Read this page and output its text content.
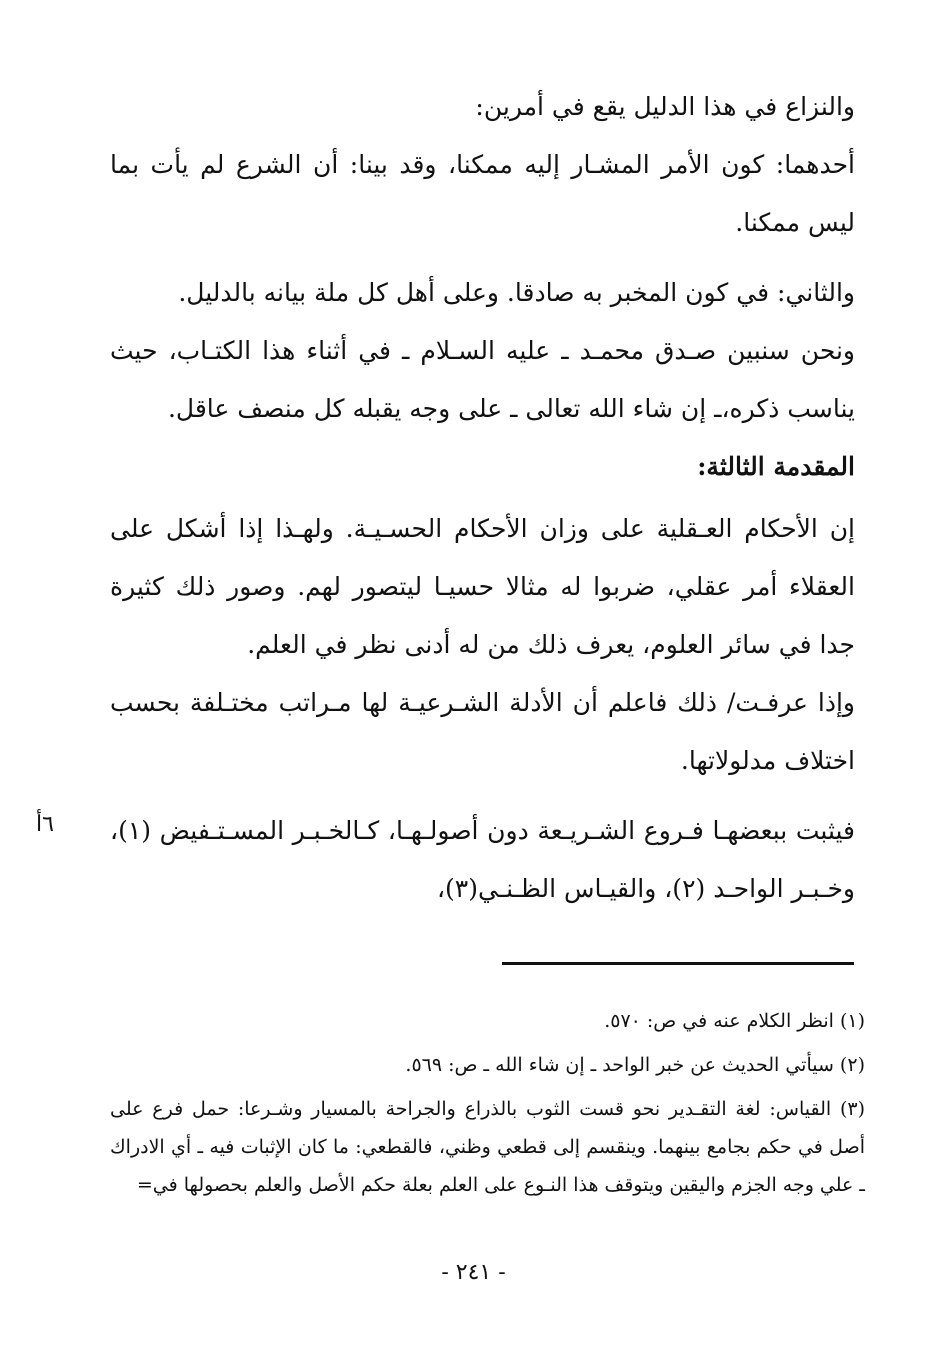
والنزاع في هذا الدليل يقع في أمرين:

أحدهما: كون الأمر المشـار إليه ممكنا، وقد بينا: أن الشرع لم يأت بما ليس ممكنا.

والثاني: في كون المخبر به صادقا. وعلى أهل كل ملة بيانه بالدليل.

ونحن سنبين صـدق محمـد ـ عليه السـلام ـ في أثناء هذا الكتـاب، حيث يناسب ذكره،ـ إن شاء الله تعالى ـ على وجه يقبله كل منصف عاقل.

المقدمة الثالثة:

إن الأحكام العـقلية على وزان الأحكام الحسـيـة. ولهـذا إذا أشكل على العقلاء أمر عقلي، ضربوا له مثالا حسيـا ليتصور لهم. وصور ذلك كثيرة جدا في سائر العلوم، يعرف ذلك من له أدنى نظر في العلم.

وإذا عرفـت/ ذلك فاعلم أن الأدلة الشـرعيـة لها مـراتب مختـلفة بحسب اختلاف مدلولاتها.

فيثبت ببعضهـا فـروع الشـريـعة دون أصولـهـا، كـالخـبـر المسـتـفيض (١)، وخـبـر الواحـد (٢)، والقيـاس الظـنـي(٣)،

٦أ

(١) انظر الكلام عنه في ص: ٥٧٠.

(٢) سيأتي الحديث عن خبر الواحد ـ إن شاء الله ـ ص: ٥٦٩.

(٣) القياس: لغة التقـدير نحو قست الثوب بالذراع والجراحة بالمسيار وشـرعا: حمل فرع على أصل في حكم بجامع بينهما. وينقسم إلى قطعي وظني، فالقطعي: ما كان الإثبات فيه ـ أي الادراك ـ علي وجه الجزم واليقين ويتوقف هذا النـوع على العلم بعلة حكم الأصل والعلم بحصولها في=

- ٢٤١ -
